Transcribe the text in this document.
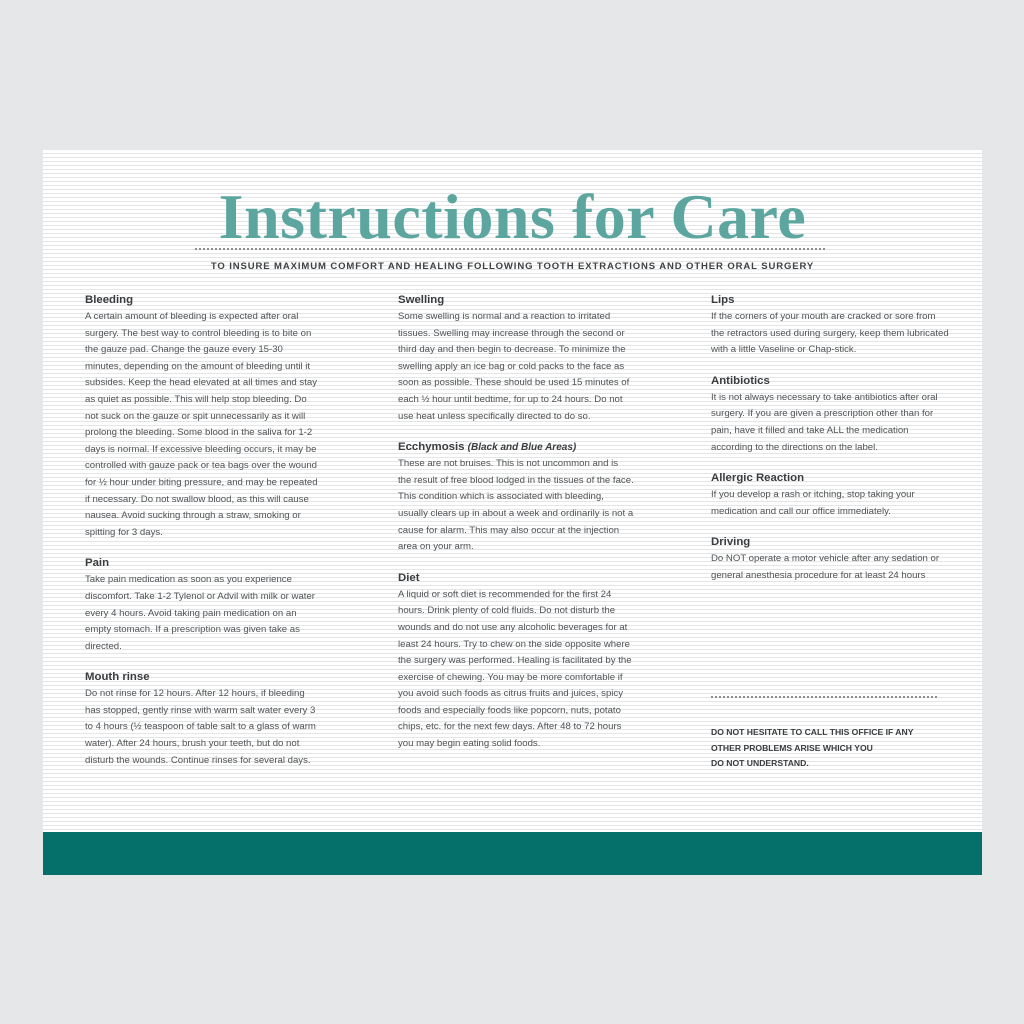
Instructions for Care

TO INSURE MAXIMUM COMFORT AND HEALING FOLLOWING TOOTH EXTRACTIONS AND OTHER ORAL SURGERY

Bleeding

A certain amount of bleeding is expected after oral surgery. The best way to control bleeding is to bite on the gauze pad. Change the gauze every 15-30 minutes, depending on the amount of bleeding until it subsides. Keep the head elevated at all times and stay as quiet as possible. This will help stop bleeding. Do not suck on the gauze or spit unnecessarily as it will prolong the bleeding. Some blood in the saliva for 1-2 days is normal. If excessive bleeding occurs, it may be controlled with gauze pack or tea bags over the wound for ½ hour under biting pressure, and may be repeated if necessary. Do not swallow blood, as this will cause nausea. Avoid sucking through a straw, smoking or spitting for 3 days.

Pain

Take pain medication as soon as you experience discomfort. Take 1-2 Tylenol or Advil with milk or water every 4 hours. Avoid taking pain medication on an empty stomach. If a prescription was given take as directed.

Mouth rinse

Do not rinse for 12 hours. After 12 hours, if bleeding has stopped, gently rinse with warm salt water every 3 to 4 hours (½ teaspoon of table salt to a glass of warm water). After 24 hours, brush your teeth, but do not disturb the wounds. Continue rinses for several days.

Swelling

Some swelling is normal and a reaction to irritated tissues. Swelling may increase through the second or third day and then begin to decrease. To minimize the swelling apply an ice bag or cold packs to the face as soon as possible. These should be used 15 minutes of each ½ hour until bedtime, for up to 24 hours. Do not use heat unless specifically directed to do so.

Ecchymosis (Black and Blue Areas)

These are not bruises. This is not uncommon and is the result of free blood lodged in the tissues of the face. This condition which is associated with bleeding, usually clears up in about a week and ordinarily is not a cause for alarm. This may also occur at the injection area on your arm.

Diet

A liquid or soft diet is recommended for the first 24 hours. Drink plenty of cold fluids. Do not disturb the wounds and do not use any alcoholic beverages for at least 24 hours. Try to chew on the side opposite where the surgery was performed. Healing is facilitated by the exercise of chewing. You may be more comfortable if you avoid such foods as citrus fruits and juices, spicy foods and especially foods like popcorn, nuts, potato chips, etc. for the next few days. After 48 to 72 hours you may begin eating solid foods.

Lips

If the corners of your mouth are cracked or sore from the retractors used during surgery, keep them lubricated with a little Vaseline or Chap-stick.

Antibiotics

It is not always necessary to take antibiotics after oral surgery. If you are given a prescription other than for pain, have it filled and take ALL the medication according to the directions on the label.

Allergic Reaction

If you develop a rash or itching, stop taking your medication and call our office immediately.

Driving

Do NOT operate a motor vehicle after any sedation or general anesthesia procedure for at least 24 hours

DO NOT HESITATE TO CALL THIS OFFICE IF ANY
OTHER PROBLEMS ARISE WHICH YOU
DO NOT UNDERSTAND.
